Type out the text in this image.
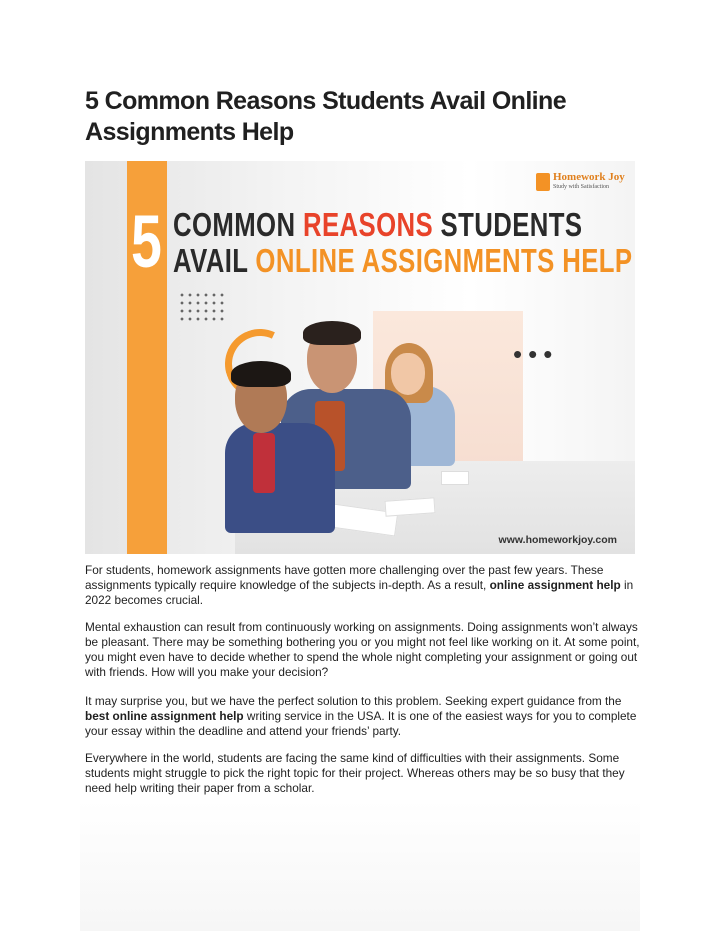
5 Common Reasons Students Avail Online Assignments Help
5 COMMON REASONS STUDENTS
AVAIL ONLINE ASSIGNMENTS HELP
Homework Joy
Study with Satisfaction
•••
www.homeworkjoy.com

For students, homework assignments have gotten more challenging over the past few years. These assignments typically require knowledge of the subjects in-depth. As a result, online assignment help in 2022 becomes crucial.

Mental exhaustion can result from continuously working on assignments. Doing assignments won’t always be pleasant. There may be something bothering you or you might not feel like working on it. At some point, you might even have to decide whether to spend the whole night completing your assignment or going out with friends. How will you make your decision?

It may surprise you, but we have the perfect solution to this problem. Seeking expert guidance from the best online assignment help writing service in the USA. It is one of the easiest ways for you to complete your essay within the deadline and attend your friends’ party.

Everywhere in the world, students are facing the same kind of difficulties with their assignments. Some students might struggle to pick the right topic for their project. Whereas others may be so busy that they need help writing their paper from a scholar.
